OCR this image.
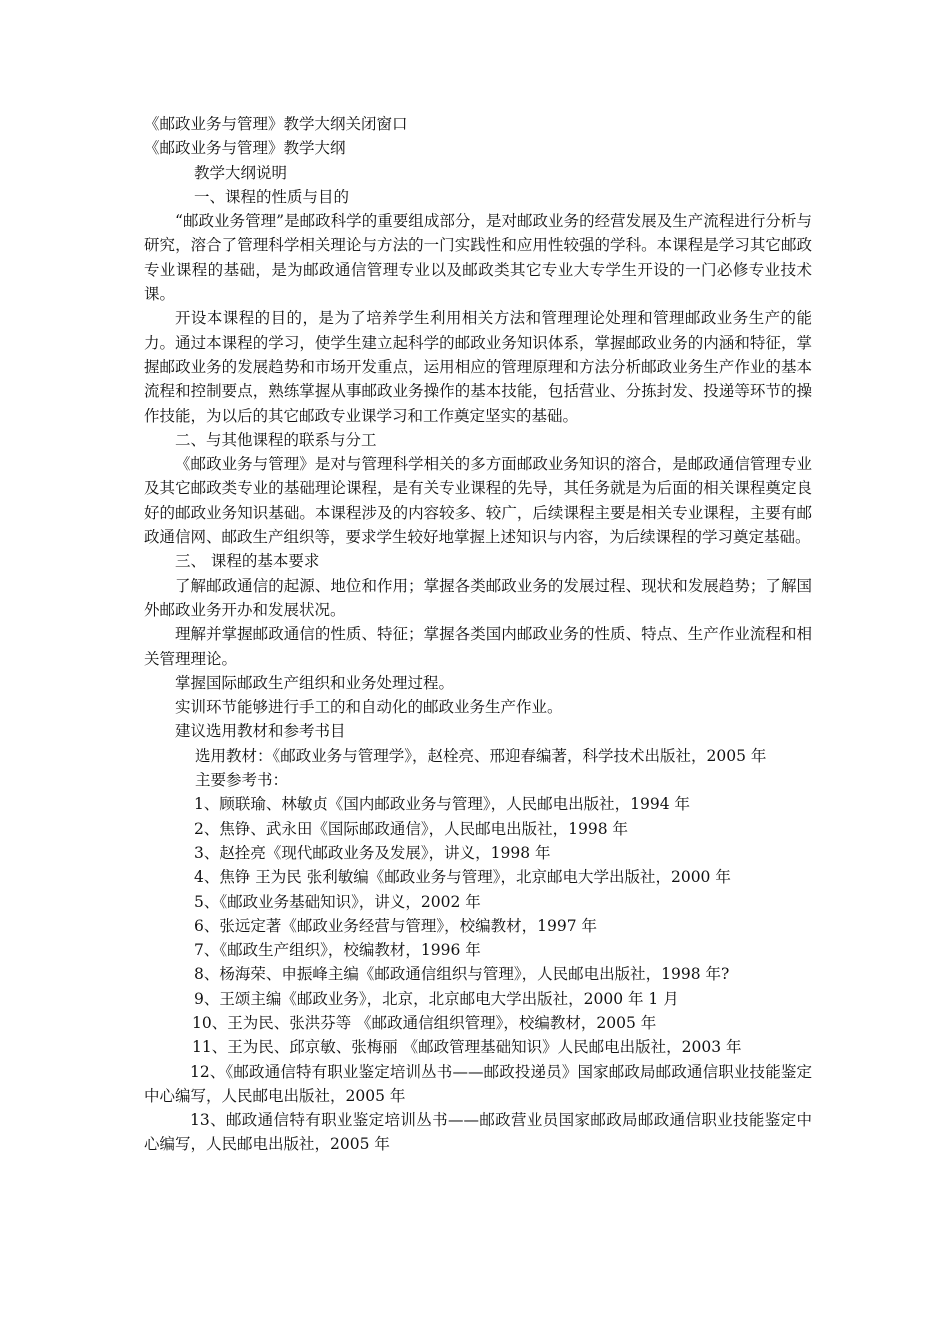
《邮政业务与管理》教学大纲关闭窗口
《邮政业务与管理》教学大纲
教学大纲说明
一、课程的性质与目的
“邮政业务管理”是邮政科学的重要组成部分，是对邮政业务的经营发展及生产流程进行分析与研究，溶合了管理科学相关理论与方法的一门实践性和应用性较强的学科。本课程是学习其它邮政专业课程的基础，是为邮政通信管理专业以及邮政类其它专业大专学生开设的一门必修专业技术课。
开设本课程的目的，是为了培养学生利用相关方法和管理理论处理和管理邮政业务生产的能力。通过本课程的学习，使学生建立起科学的邮政业务知识体系，掌握邮政业务的内涵和特征，掌握邮政业务的发展趋势和市场开发重点，运用相应的管理原理和方法分析邮政业务生产作业的基本流程和控制要点，熟练掌握从事邮政业务操作的基本技能，包括营业、分拣封发、投递等环节的操作技能，为以后的其它邮政专业课学习和工作奠定坚实的基础。
二、与其他课程的联系与分工
《邮政业务与管理》是对与管理科学相关的多方面邮政业务知识的溶合，是邮政通信管理专业及其它邮政类专业的基础理论课程，是有关专业课程的先导，其任务就是为后面的相关课程奠定良好的邮政业务知识基础。本课程涉及的内容较多、较广，后续课程主要是相关专业课程，主要有邮政通信网、邮政生产组织等，要求学生较好地掌握上述知识与内容，为后续课程的学习奠定基础。
三、 课程的基本要求
了解邮政通信的起源、地位和作用；掌握各类邮政业务的发展过程、现状和发展趋势；了解国外邮政业务开办和发展状况。
理解并掌握邮政通信的性质、特征；掌握各类国内邮政业务的性质、特点、生产作业流程和相关管理理论。
掌握国际邮政生产组织和业务处理过程。
实训环节能够进行手工的和自动化的邮政业务生产作业。
建议选用教材和参考书目
选用教材：《邮政业务与管理学》，赵栓亮、邢迎春编著，科学技术出版社，2005 年
主要参考书：
1、顾联瑜、林敏贞《国内邮政业务与管理》，人民邮电出版社，1994 年
2、焦铮、武永田《国际邮政通信》，人民邮电出版社，1998 年
3、赵拴亮《现代邮政业务及发展》，讲义，1998 年
4、焦铮 王为民 张利敏编《邮政业务与管理》，北京邮电大学出版社，2000 年
5、《邮政业务基础知识》，讲义，2002 年
6、张远定著《邮政业务经营与管理》，校编教材，1997 年
7、《邮政生产组织》，校编教材，1996 年
8、杨海荣、申振峰主编《邮政通信组织与管理》，人民邮电出版社，1998 年?
9、王颂主编《邮政业务》，北京，北京邮电大学出版社，2000 年 1 月
10、王为民、张洪芬等 《邮政通信组织管理》，校编教材，2005 年
11、王为民、邱京敏、张梅丽 《邮政管理基础知识》人民邮电出版社，2003 年
12、《邮政通信特有职业鉴定培训丛书——邮政投递员》国家邮政局邮政通信职业技能鉴定中心编写，人民邮电出版社，2005 年
13、邮政通信特有职业鉴定培训丛书——邮政营业员国家邮政局邮政通信职业技能鉴定中心编写，人民邮电出版社，2005 年
